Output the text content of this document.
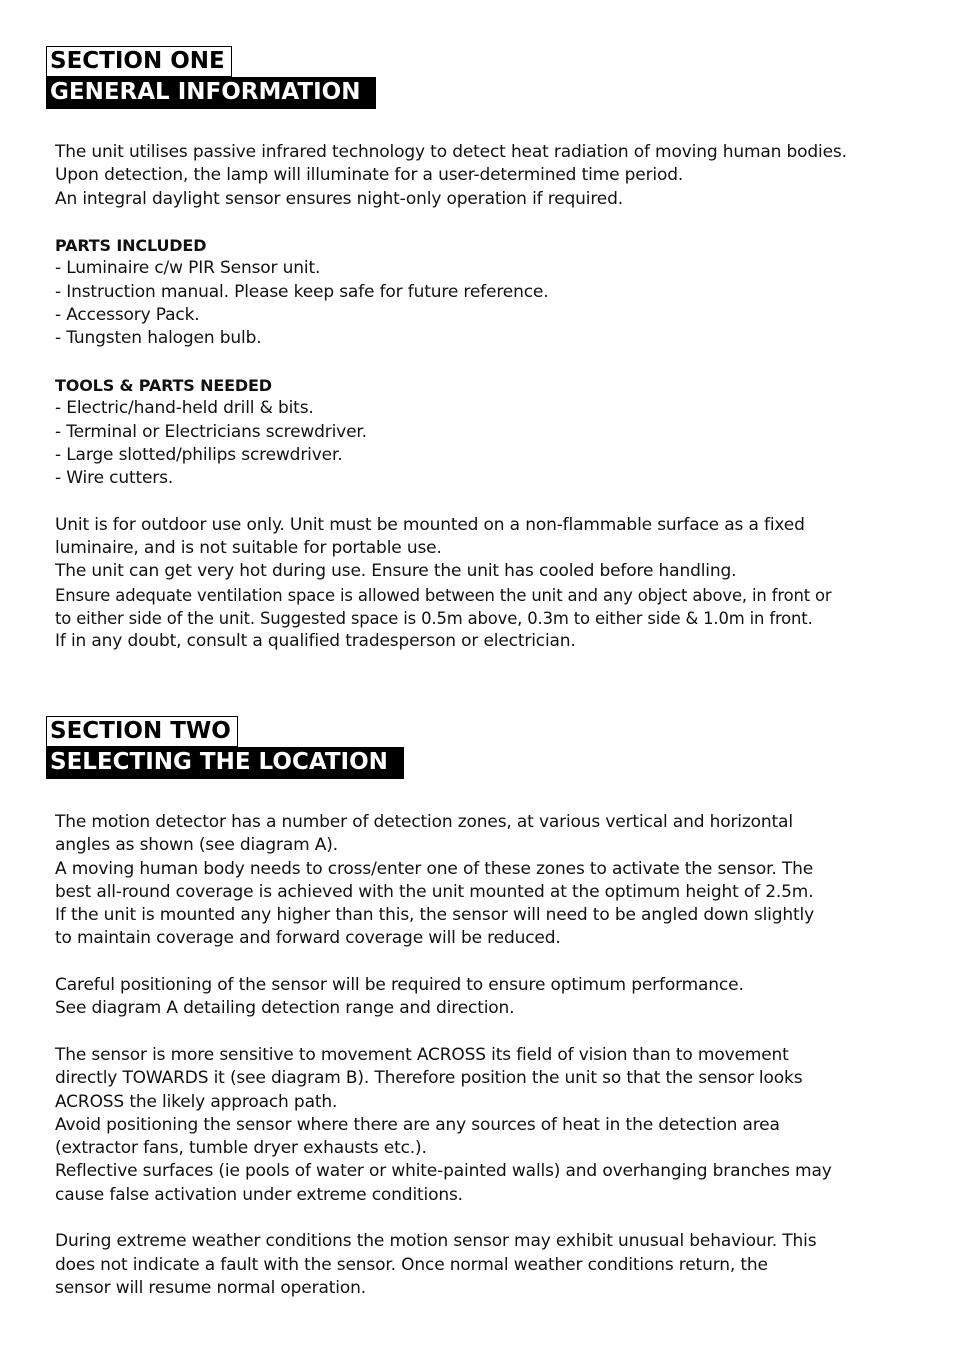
SECTION ONE
GENERAL INFORMATION

The unit utilises passive infrared technology to detect heat radiation of moving human bodies.

Upon detection, the lamp will illuminate for a user-determined time period.

An integral daylight sensor ensures night-only operation if required.

PARTS INCLUDED

- Luminaire c/w PIR Sensor unit.

- Instruction manual. Please keep safe for future reference.

- Accessory Pack.

- Tungsten halogen bulb.

TOOLS & PARTS NEEDED

- Electric/hand-held drill & bits.

- Terminal or Electricians screwdriver.

- Large slotted/philips screwdriver.

- Wire cutters.

Unit is for outdoor use only. Unit must be mounted on a non-flammable surface as a fixed

luminaire, and is not suitable for portable use.

The unit can get very hot during use. Ensure the unit has cooled before handling.

Ensure adequate ventilation space is allowed between the unit and any object above, in front or

to either side of the unit. Suggested space is 0.5m above, 0.3m to either side & 1.0m in front.

If in any doubt, consult a qualified tradesperson or electrician.

SECTION TWO
SELECTING THE LOCATION

The motion detector has a number of detection zones, at various vertical and horizontal

angles as shown (see diagram A).

A moving human body needs to cross/enter one of these zones to activate the sensor. The

best all-round coverage is achieved with the unit mounted at the optimum height of 2.5m.

If the unit is mounted any higher than this, the sensor will need to be angled down slightly

to maintain coverage and forward coverage will be reduced.

Careful positioning of the sensor will be required to ensure optimum performance.

See diagram A detailing detection range and direction.

The sensor is more sensitive to movement ACROSS its field of vision than to movement

directly TOWARDS it (see diagram B). Therefore position the unit so that the sensor looks

ACROSS the likely approach path.

Avoid positioning the sensor where there are any sources of heat in the detection area

(extractor fans, tumble dryer exhausts etc.).

Reflective surfaces (ie pools of water or white-painted walls) and overhanging branches may

cause false activation under extreme conditions.

During extreme weather conditions the motion sensor may exhibit unusual behaviour. This

does not indicate a fault with the sensor. Once normal weather conditions return, the

sensor will resume normal operation.
